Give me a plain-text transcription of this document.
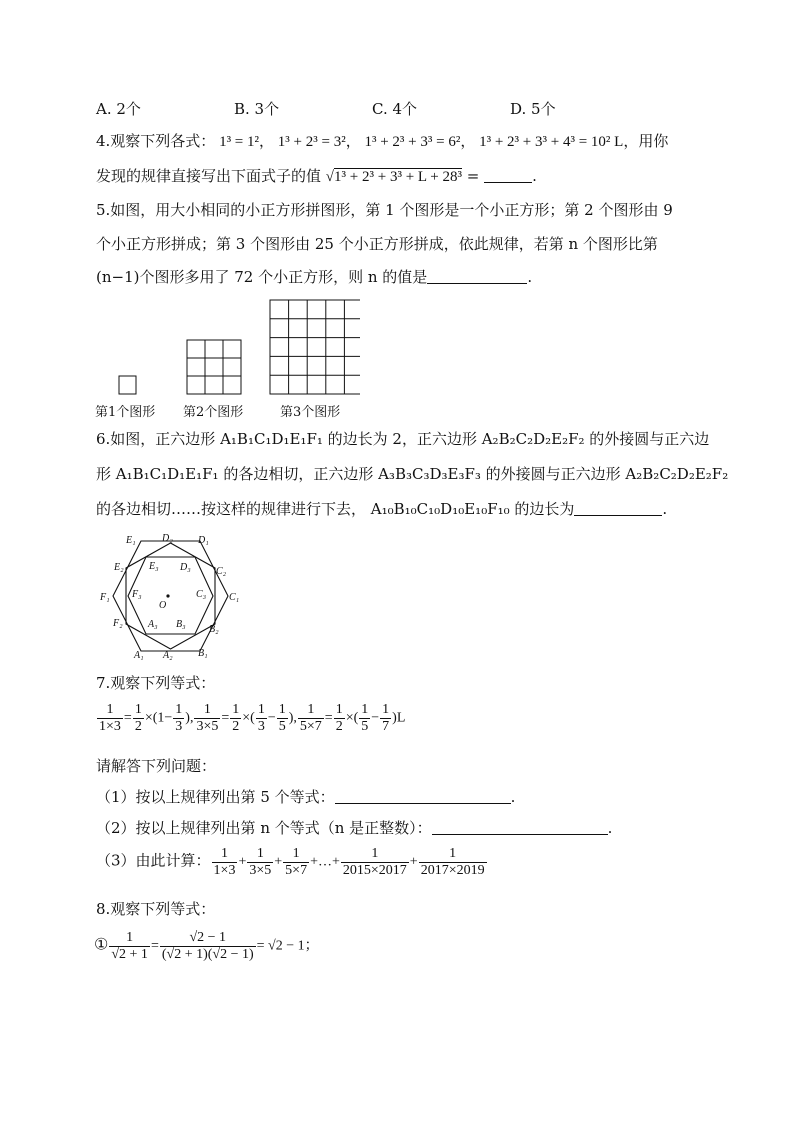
A. 2个	B. 3个	C. 4个	D. 5个
4.观察下列各式： 1³ = 1²， 1³ + 2³ = 3²， 1³ + 2³ + 3³ = 6²， 1³ + 2³ + 3³ + 4³ = 10² L，用你
发现的规律直接写出下面式子的值 √1³ + 2³ + 3³ + L + 28³ =	.
5.如图，用大小相同的小正方形拼图形，第 1 个图形是一个小正方形；第 2 个图形由 9
个小正方形拼成；第 3 个图形由 25 个小正方形拼成，依此规律，若第 n 个图形比第
(n−1)个图形多用了 72 个小正方形，则 n 的值是	.
第1个图形 第2个图形	第3个图形
6.如图，正六边形 A₁B₁C₁D₁E₁F₁ 的边长为 2，正六边形 A₂B₂C₂D₂E₂F₂ 的外接圆与正六边
形 A₁B₁C₁D₁E₁F₁ 的各边相切，正六边形 A₃B₃C₃D₃E₃F₃ 的外接圆与正六边形 A₂B₂C₂D₂E₂F₂
的各边相切……按这样的规律进行下去， A₁₀B₁₀C₁₀D₁₀E₁₀F₁₀ 的边长为	.
E₁	D₂	D₁
E₂	E₃ D₃	C₂
F₁ F₃	C₃ C₁
O
F₂	A₃ B₃ B₂
A₁ A₂	B₁
7.观察下列等式：
$\frac{1}{1\times 3} = \frac{1}{2} \times(1- \frac{1}{3}$ ), $\frac{1}{3\times 5} = \frac{1}{2}$ ×( $\frac{1}{3} - \frac{1}{5}$ ), $\frac{1}{5\times 7} = \frac{1}{2}$ ×( $\frac{1}{5} - \frac{1}{7} )L$
请解答下列问题：
（1）按以上规律列出第 5 个等式：	.
（2）按以上规律列出第 n 个等式（n 是正整数）：	.
（3）由此计算： $\frac{1}{1\times 3} + \frac{1}{3\times 5} + \frac{1}{5\times 7}$ +…+ $\frac{1}{2015\times 2017} + \frac{1}{2017\times 2019}$
8.观察下列等式：
① $\frac{1}{√2 + 1} = \frac{√2 - 1}{(√2 + 1)(√2 - 1)} = √2 - 1$；
